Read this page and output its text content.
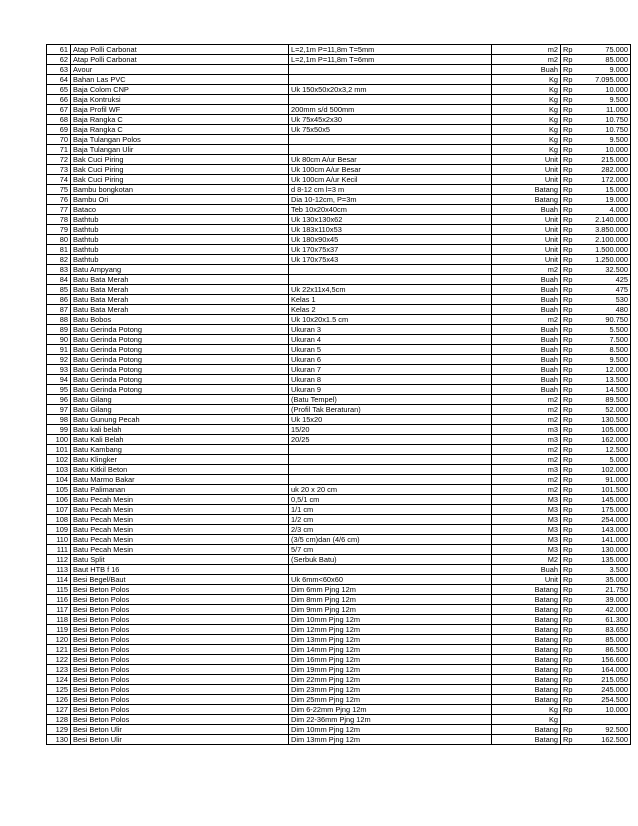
61	Atap Polli Carbonat	L=2,1m P=11,8m T=5mm	m2	Rp	75.000
62	Atap Polli Carbonat	L=2,1m P=11,8m T=6mm	m2	Rp	85.000
63	Avour		Buah	Rp	9.000
64	Bahan Las PVC		Kg	Rp	7.095.000
65	Baja Colom CNP	Uk 150x50x20x3,2 mm	Kg	Rp	10.000
66	Baja Kontruksi		Kg	Rp	9.500
67	Baja Profil WF	200mm s/d 500mm	Kg	Rp	11.000
68	Baja Rangka C	Uk 75x45x2x30	Kg	Rp	10.750
69	Baja Rangka C	Uk 75x50x5	Kg	Rp	10.750
70	Baja Tulangan Polos		Kg	Rp	9.500
71	Baja Tulangan Ulir		Kg	Rp	10.000
72	Bak Cuci Piring	Uk 80cm A/ur Besar	Unit	Rp	215.000
73	Bak Cuci Piring	Uk 100cm A/ur Besar	Unit	Rp	282.000
74	Bak Cuci Piring	Uk 100cm A/ur Kecil	Unit	Rp	172.000
75	Bambu bongkotan	d 8-12 cm l=3 m	Batang	Rp	15.000
76	Bambu Ori	Dia 10-12cm, P=3m	Batang	Rp	19.000
77	Bataco	Teb 10x20x40cm	Buah	Rp	4.000
78	Bathtub	Uk 130x130x62	Unit	Rp	2.140.000
79	Bathtub	Uk 183x110x53	Unit	Rp	3.850.000
80	Bathtub	Uk 180x90x45	Unit	Rp	2.100.000
81	Bathtub	Uk 170x75x37	Unit	Rp	1.500.000
82	Bathtub	Uk 170x75x43	Unit	Rp	1.250.000
83	Batu Ampyang		m2	Rp	32.500
84	Batu Bata Merah		Buah	Rp	425
85	Batu Bata Merah	Uk 22x11x4,5cm	Buah	Rp	475
86	Batu Bata Merah	Kelas 1	Buah	Rp	530
87	Batu Bata Merah	Kelas 2	Buah	Rp	480
88	Batu Bobos	Uk 10x20x1.5 cm	m2	Rp	90.750
89	Batu Gerinda Potong	Ukuran 3	Buah	Rp	5.500
90	Batu Gerinda Potong	Ukuran 4	Buah	Rp	7.500
91	Batu Gerinda Potong	Ukuran 5	Buah	Rp	8.500
92	Batu Gerinda Potong	Ukuran 6	Buah	Rp	9.500
93	Batu Gerinda Potong	Ukuran 7	Buah	Rp	12.000
94	Batu Gerinda Potong	Ukuran 8	Buah	Rp	13.500
95	Batu Gerinda Potong	Ukuran 9	Buah	Rp	14.500
96	Batu Gilang	(Batu Tempel)	m2	Rp	89.500
97	Batu Gilang	(Profil Tak Beraturan)	m2	Rp	52.000
98	Batu Gunung Pecah	Uk 15x20	m2	Rp	130.500
99	Batu kali belah	15/20	m3	Rp	105.000
100	Batu Kali Belah	20/25	m3	Rp	162.000
101	Batu Kambang		m2	Rp	12.500
102	Batu Klingker		m2	Rp	5.000
103	Batu Kitkil Beton		m3	Rp	102.000
104	Batu Marmo Bakar		m2	Rp	91.000
105	Batu Palimanan	uk 20 x 20 cm	m2	Rp	101.500
106	Batu Pecah Mesin	0,5/1 cm	M3	Rp	145.000
107	Batu Pecah Mesin	1/1 cm	M3	Rp	175.000
108	Batu Pecah Mesin	1/2 cm	M3	Rp	254.000
109	Batu Pecah Mesin	2/3 cm	M3	Rp	143.000
110	Batu Pecah Mesin	(3/5 cm)dan (4/6 cm)	M3	Rp	141.000
111	Batu Pecah Mesin	5/7 cm	M3	Rp	130.000
112	Batu Split	(Serbuk Batu)	M2	Rp	135.000
113	Baut HTB f 16		Buah	Rp	3.500
114	Besi Begel/Baut	Uk 6mm<60x60	Unit	Rp	35.000
115	Besi Beton Polos	Dim 6mm Pjng 12m	Batang	Rp	21.750
116	Besi Beton Polos	Dim 8mm Pjng 12m	Batang	Rp	39.000
117	Besi Beton Polos	Dim 9mm Pjng 12m	Batang	Rp	42.000
118	Besi Beton Polos	Dim 10mm Pjng 12m	Batang	Rp	61.300
119	Besi Beton Polos	Dim 12mm Pjng 12m	Batang	Rp	83.650
120	Besi Beton Polos	Dim 13mm Pjng 12m	Batang	Rp	85.000
121	Besi Beton Polos	Dim 14mm Pjng 12m	Batang	Rp	86.500
122	Besi Beton Polos	Dim 16mm Pjng 12m	Batang	Rp	156.600
123	Besi Beton Polos	Dim 19mm Pjng 12m	Batang	Rp	164.000
124	Besi Beton Polos	Dim 22mm Pjng 12m	Batang	Rp	215.050
125	Besi Beton Polos	Dim 23mm Pjng 12m	Batang	Rp	245.000
126	Besi Beton Polos	Dim 25mm Pjng 12m	Batang	Rp	254.500
127	Besi Beton Polos	Dim 6-22mm Pjng 12m	Kg	Rp	10.000
128	Besi Beton Polos	Dim 22-36mm Pjng 12m	Kg		
129	Besi Beton Ulir	Dim 10mm Pjng 12m	Batang	Rp	92.500
130	Besi Beton Ulir	Dim 13mm Pjng 12m	Batang	Rp	162.500
